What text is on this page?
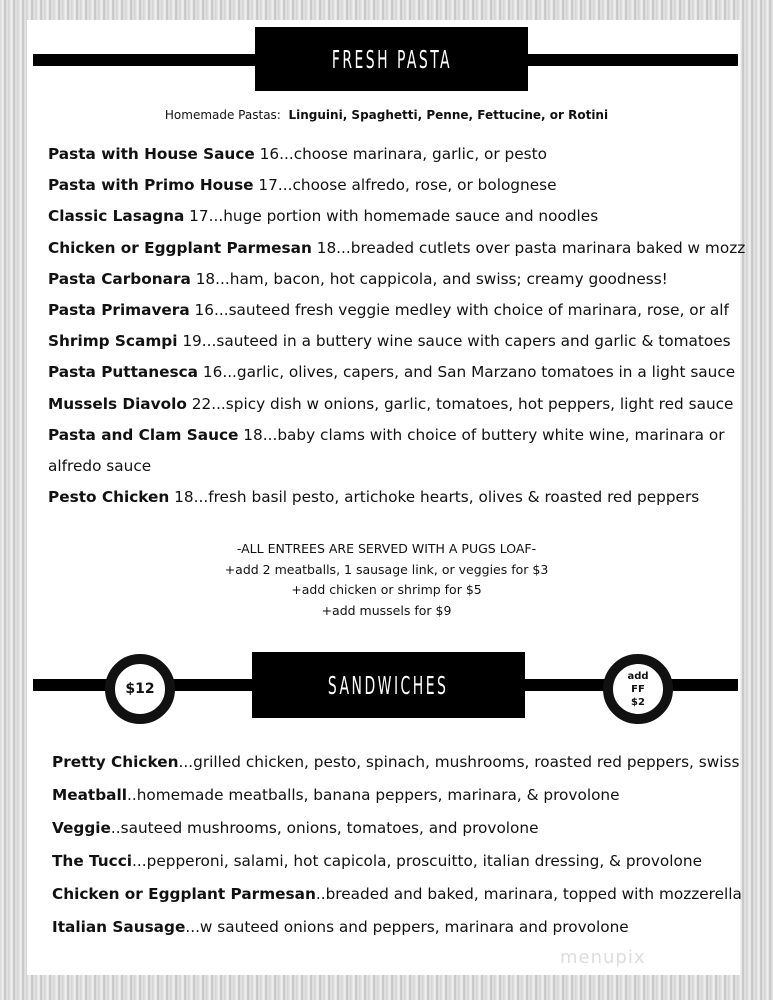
FRESH PASTA
Homemade Pastas: Linguini, Spaghetti, Penne, Fettucine, or Rotini
Pasta with House Sauce 16...choose marinara, garlic, or pesto
Pasta with Primo House 17...choose alfredo, rose, or bolognese
Classic Lasagna 17...huge portion with homemade sauce and noodles
Chicken or Eggplant Parmesan 18...breaded cutlets over pasta marinara baked w mozz
Pasta Carbonara 18...ham, bacon, hot cappicola, and swiss; creamy goodness!
Pasta Primavera 16...sauteed fresh veggie medley with choice of marinara, rose, or alf
Shrimp Scampi 19...sauteed in a buttery wine sauce with capers and garlic & tomatoes
Pasta Puttanesca 16...garlic, olives, capers, and San Marzano tomatoes in a light sauce
Mussels Diavolo 22...spicy dish w onions, garlic, tomatoes, hot peppers, light red sauce
Pasta and Clam Sauce 18...baby clams with choice of buttery white wine, marinara or
alfredo sauce
Pesto Chicken 18...fresh basil pesto, artichoke hearts, olives & roasted red peppers
-ALL ENTREES ARE SERVED WITH A PUGS LOAF-
+add 2 meatballs, 1 sausage link, or veggies for $3
+add chicken or shrimp for $5
+add mussels for $9
SANDWICHES
$12
add
FF
$2
Pretty Chicken...grilled chicken, pesto, spinach, mushrooms, roasted red peppers, swiss
Meatball..homemade meatballs, banana peppers, marinara, & provolone
Veggie..sauteed mushrooms, onions, tomatoes, and provolone
The Tucci...pepperoni, salami, hot capicola, proscuitto, italian dressing, & provolone
Chicken or Eggplant Parmesan..breaded and baked, marinara, topped with mozzerella
Italian Sausage...w sauteed onions and peppers, marinara and provolone
menupix
